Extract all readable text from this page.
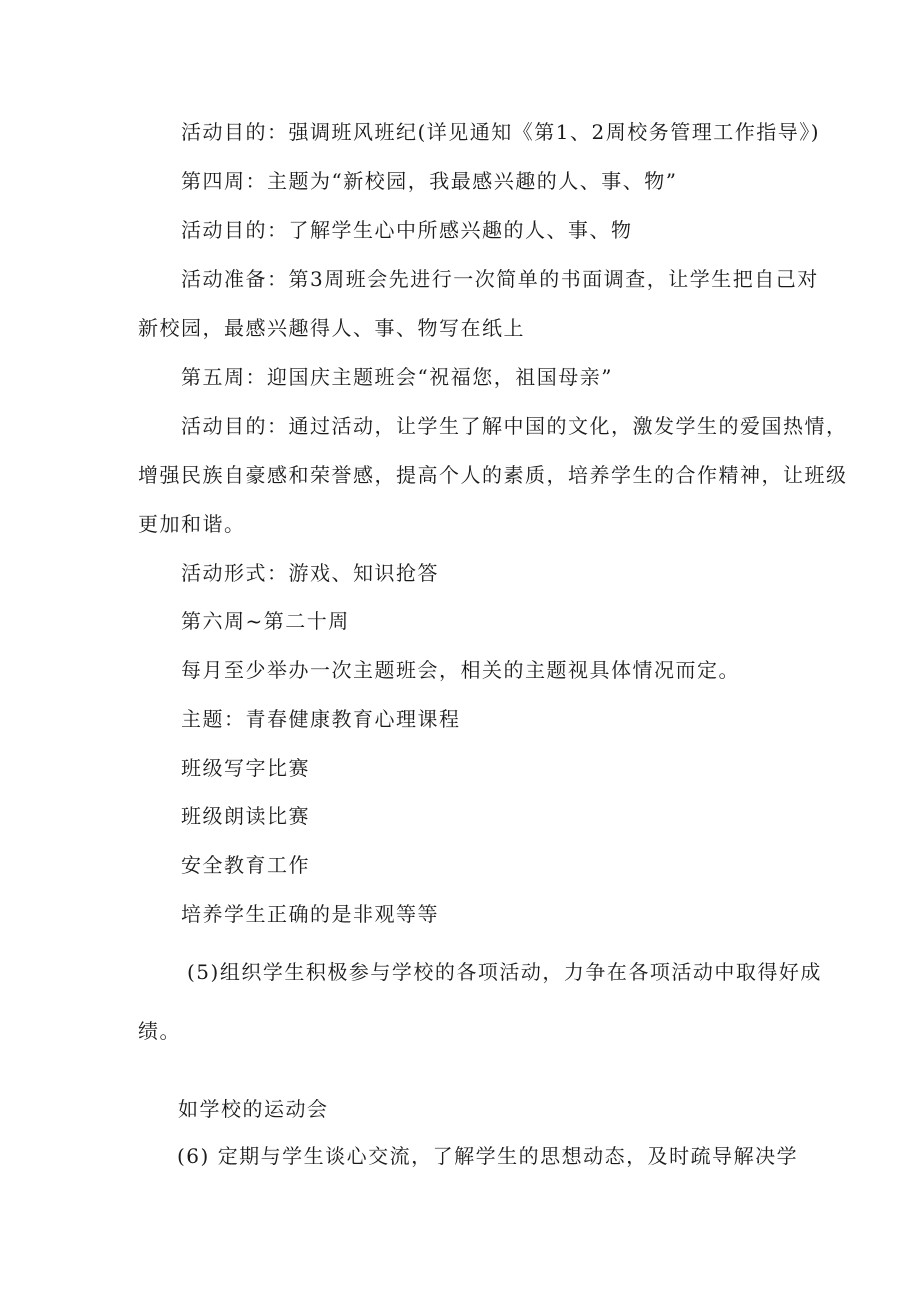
活动目的：强调班风班纪(详见通知《第1、2周校务管理工作指导》)
第四周：主题为“新校园，我最感兴趣的人、事、物”
活动目的：了解学生心中所感兴趣的人、事、物
活动准备：第3周班会先进行一次简单的书面调查，让学生把自己对
新校园，最感兴趣得人、事、物写在纸上
第五周：迎国庆主题班会“祝福您，祖国母亲”
活动目的：通过活动，让学生了解中国的文化，激发学生的爱国热情，
增强民族自豪感和荣誉感，提高个人的素质，培养学生的合作精神，让班级
更加和谐。
活动形式：游戏、知识抢答
第六周~第二十周
每月至少举办一次主题班会，相关的主题视具体情况而定。
主题：青春健康教育心理课程
班级写字比赛
班级朗读比赛
安全教育工作
培养学生正确的是非观等等
(5)组织学生积极参与学校的各项活动，力争在各项活动中取得好成
绩。
如学校的运动会
(6) 定期与学生谈心交流，了解学生的思想动态，及时疏导解决学
